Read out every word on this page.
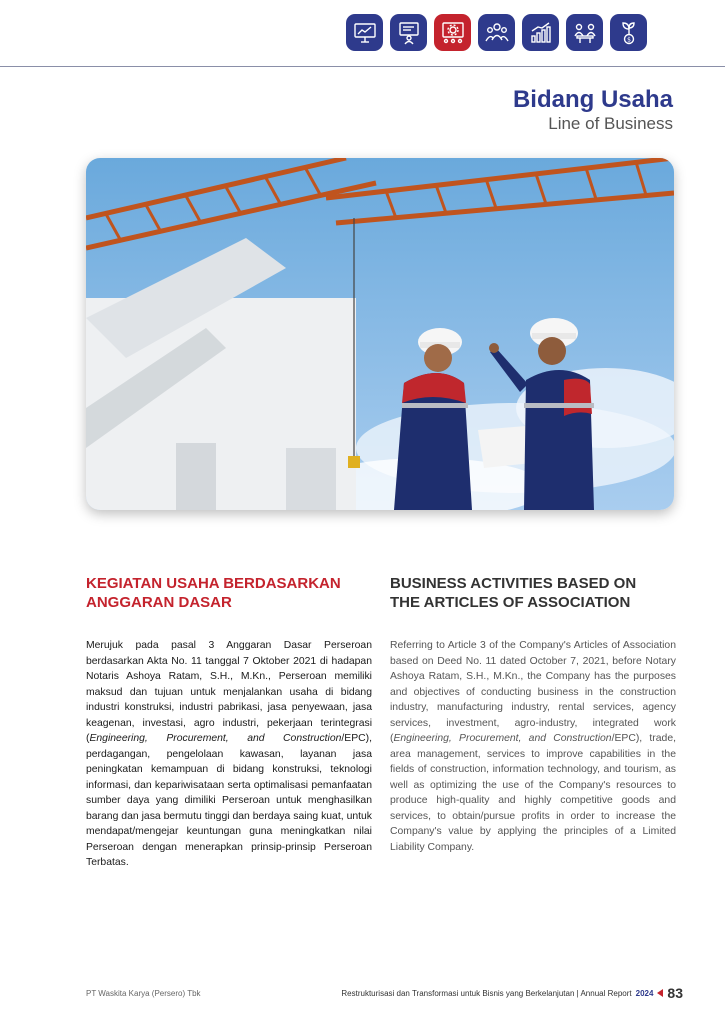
$
Bidang Usaha
Line of Business
KEGIATAN USAHA BERDASARKAN
ANGGARAN DASAR

Merujuk pada pasal 3 Anggaran Dasar Perseroan berdasarkan Akta No. 11 tanggal 7 Oktober 2021 di hadapan Notaris Ashoya Ratam, S.H., M.Kn., Perseroan memiliki maksud dan tujuan untuk menjalankan usaha di bidang industri konstruksi, industri pabrikasi, jasa penyewaan, jasa keagenan, investasi, agro industri, pekerjaan terintegrasi (Engineering, Procurement, and Construction/EPC), perdagangan, pengelolaan kawasan, layanan jasa peningkatan kemampuan di bidang konstruksi, teknologi informasi, dan kepariwisataan serta optimalisasi pemanfaatan sumber daya yang dimiliki Perseroan untuk menghasilkan barang dan jasa bermutu tinggi dan berdaya saing kuat, untuk mendapat/mengejar keuntungan guna meningkatkan nilai Perseroan dengan menerapkan prinsip-prinsip Perseroan Terbatas.

BUSINESS ACTIVITIES BASED ON
THE ARTICLES OF ASSOCIATION

Referring to Article 3 of the Company's Articles of Association based on Deed No. 11 dated October 7, 2021, before Notary Ashoya Ratam, S.H., M.Kn., the Company has the purposes and objectives of conducting business in the construction industry, manufacturing industry, rental services, agency services, investment, agro-industry, integrated work (Engineering, Procurement, and Construction/EPC), trade, area management, services to improve capabilities in the fields of construction, information technology, and tourism, as well as optimizing the use of the Company's resources to produce high-quality and highly competitive goods and services, to obtain/pursue profits in order to increase the Company's value by applying the principles of a Limited Liability Company.

PT Waskita Karya (Persero) Tbk	Restrukturisasi dan Transformasi untuk Bisnis yang Berkelanjutan | Annual Report 2024 83
